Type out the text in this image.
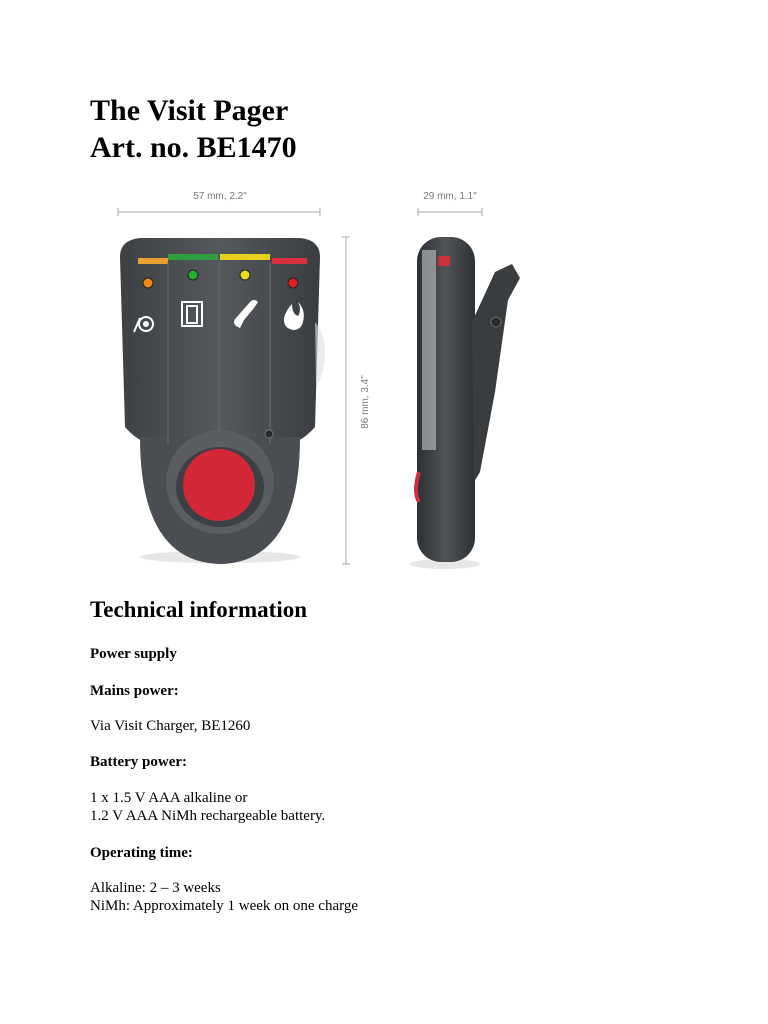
The Visit Pager
Art. no. BE1470
57 mm, 2.2"	29 mm, 1.1"
86 mm, 3.4"
Technical information

Power supply

Mains power:

Via Visit Charger, BE1260

Battery power:

1 x 1.5 V AAA alkaline or

1.2 V AAA NiMh rechargeable battery.

Operating time:

Alkaline: 2 – 3 weeks

NiMh: Approximately 1 week on one charge
